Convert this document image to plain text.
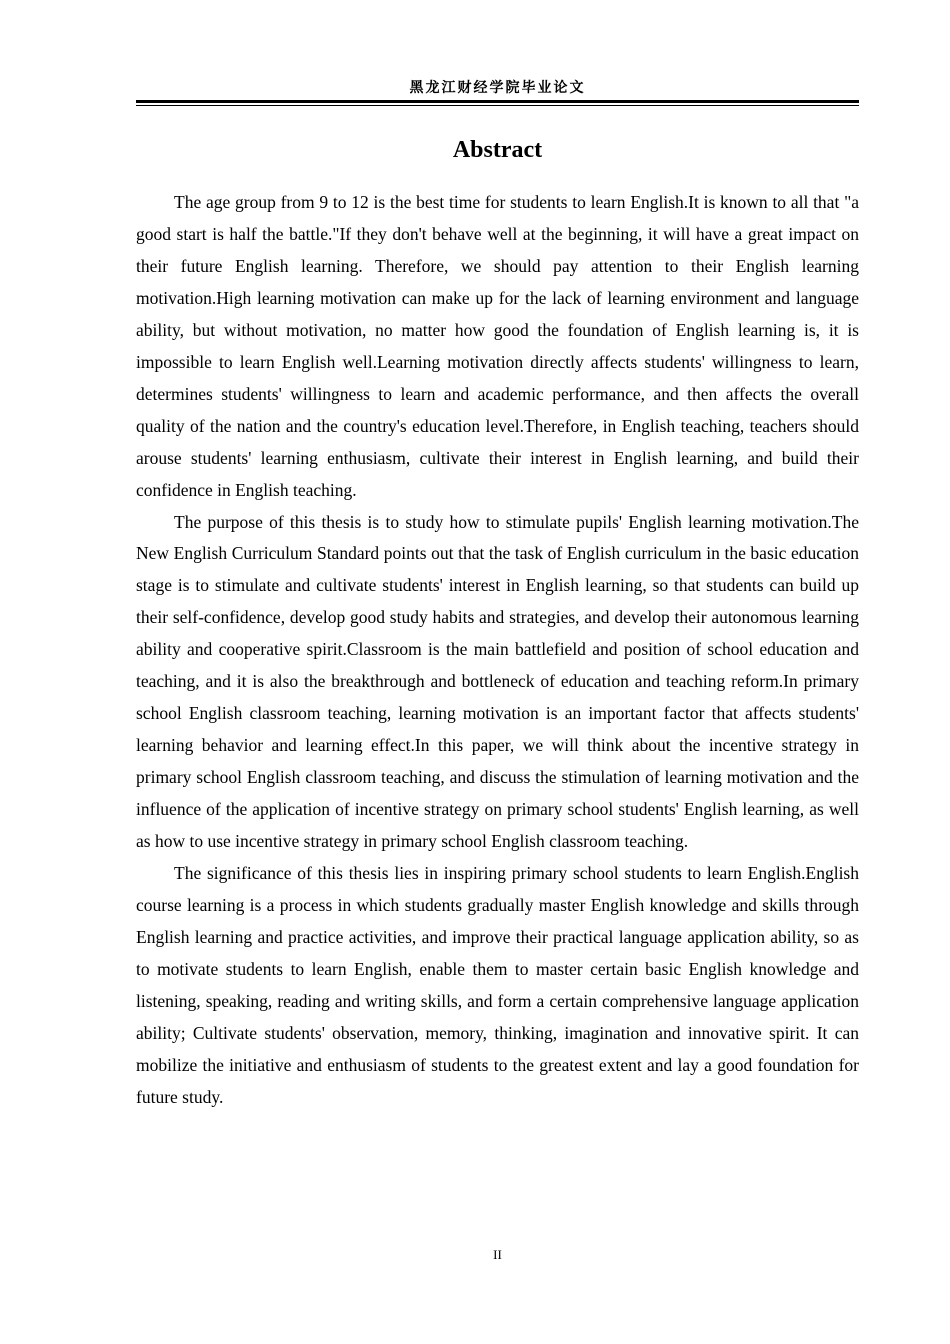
黑龙江财经学院毕业论文
Abstract

The age group from 9 to 12 is the best time for students to learn English.It is known to all that "a good start is half the battle."If they don't behave well at the beginning, it will have a great impact on their future English learning. Therefore, we should pay attention to their English learning motivation.High learning motivation can make up for the lack of learning environment and language ability, but without motivation, no matter how good the foundation of English learning is, it is impossible to learn English well.Learning motivation directly affects students' willingness to learn, determines students' willingness to learn and academic performance, and then affects the overall quality of the nation and the country's education level.Therefore, in English teaching, teachers should arouse students' learning enthusiasm, cultivate their interest in English learning, and build their confidence in English teaching.

The purpose of this thesis is to study how to stimulate pupils' English learning motivation.The New English Curriculum Standard points out that the task of English curriculum in the basic education stage is to stimulate and cultivate students' interest in English learning, so that students can build up their self-confidence, develop good study habits and strategies, and develop their autonomous learning ability and cooperative spirit.Classroom is the main battlefield and position of school education and teaching, and it is also the breakthrough and bottleneck of education and teaching reform.In primary school English classroom teaching, learning motivation is an important factor that affects students' learning behavior and learning effect.In this paper, we will think about the incentive strategy in primary school English classroom teaching, and discuss the stimulation of learning motivation and the influence of the application of incentive strategy on primary school students' English learning, as well as how to use incentive strategy in primary school English classroom teaching.

The significance of this thesis lies in inspiring primary school students to learn English.English course learning is a process in which students gradually master English knowledge and skills through English learning and practice activities, and improve their practical language application ability, so as to motivate students to learn English, enable them to master certain basic English knowledge and listening, speaking, reading and writing skills, and form a certain comprehensive language application ability; Cultivate students' observation, memory, thinking, imagination and innovative spirit. It can mobilize the initiative and enthusiasm of students to the greatest extent and lay a good foundation for future study.

II
